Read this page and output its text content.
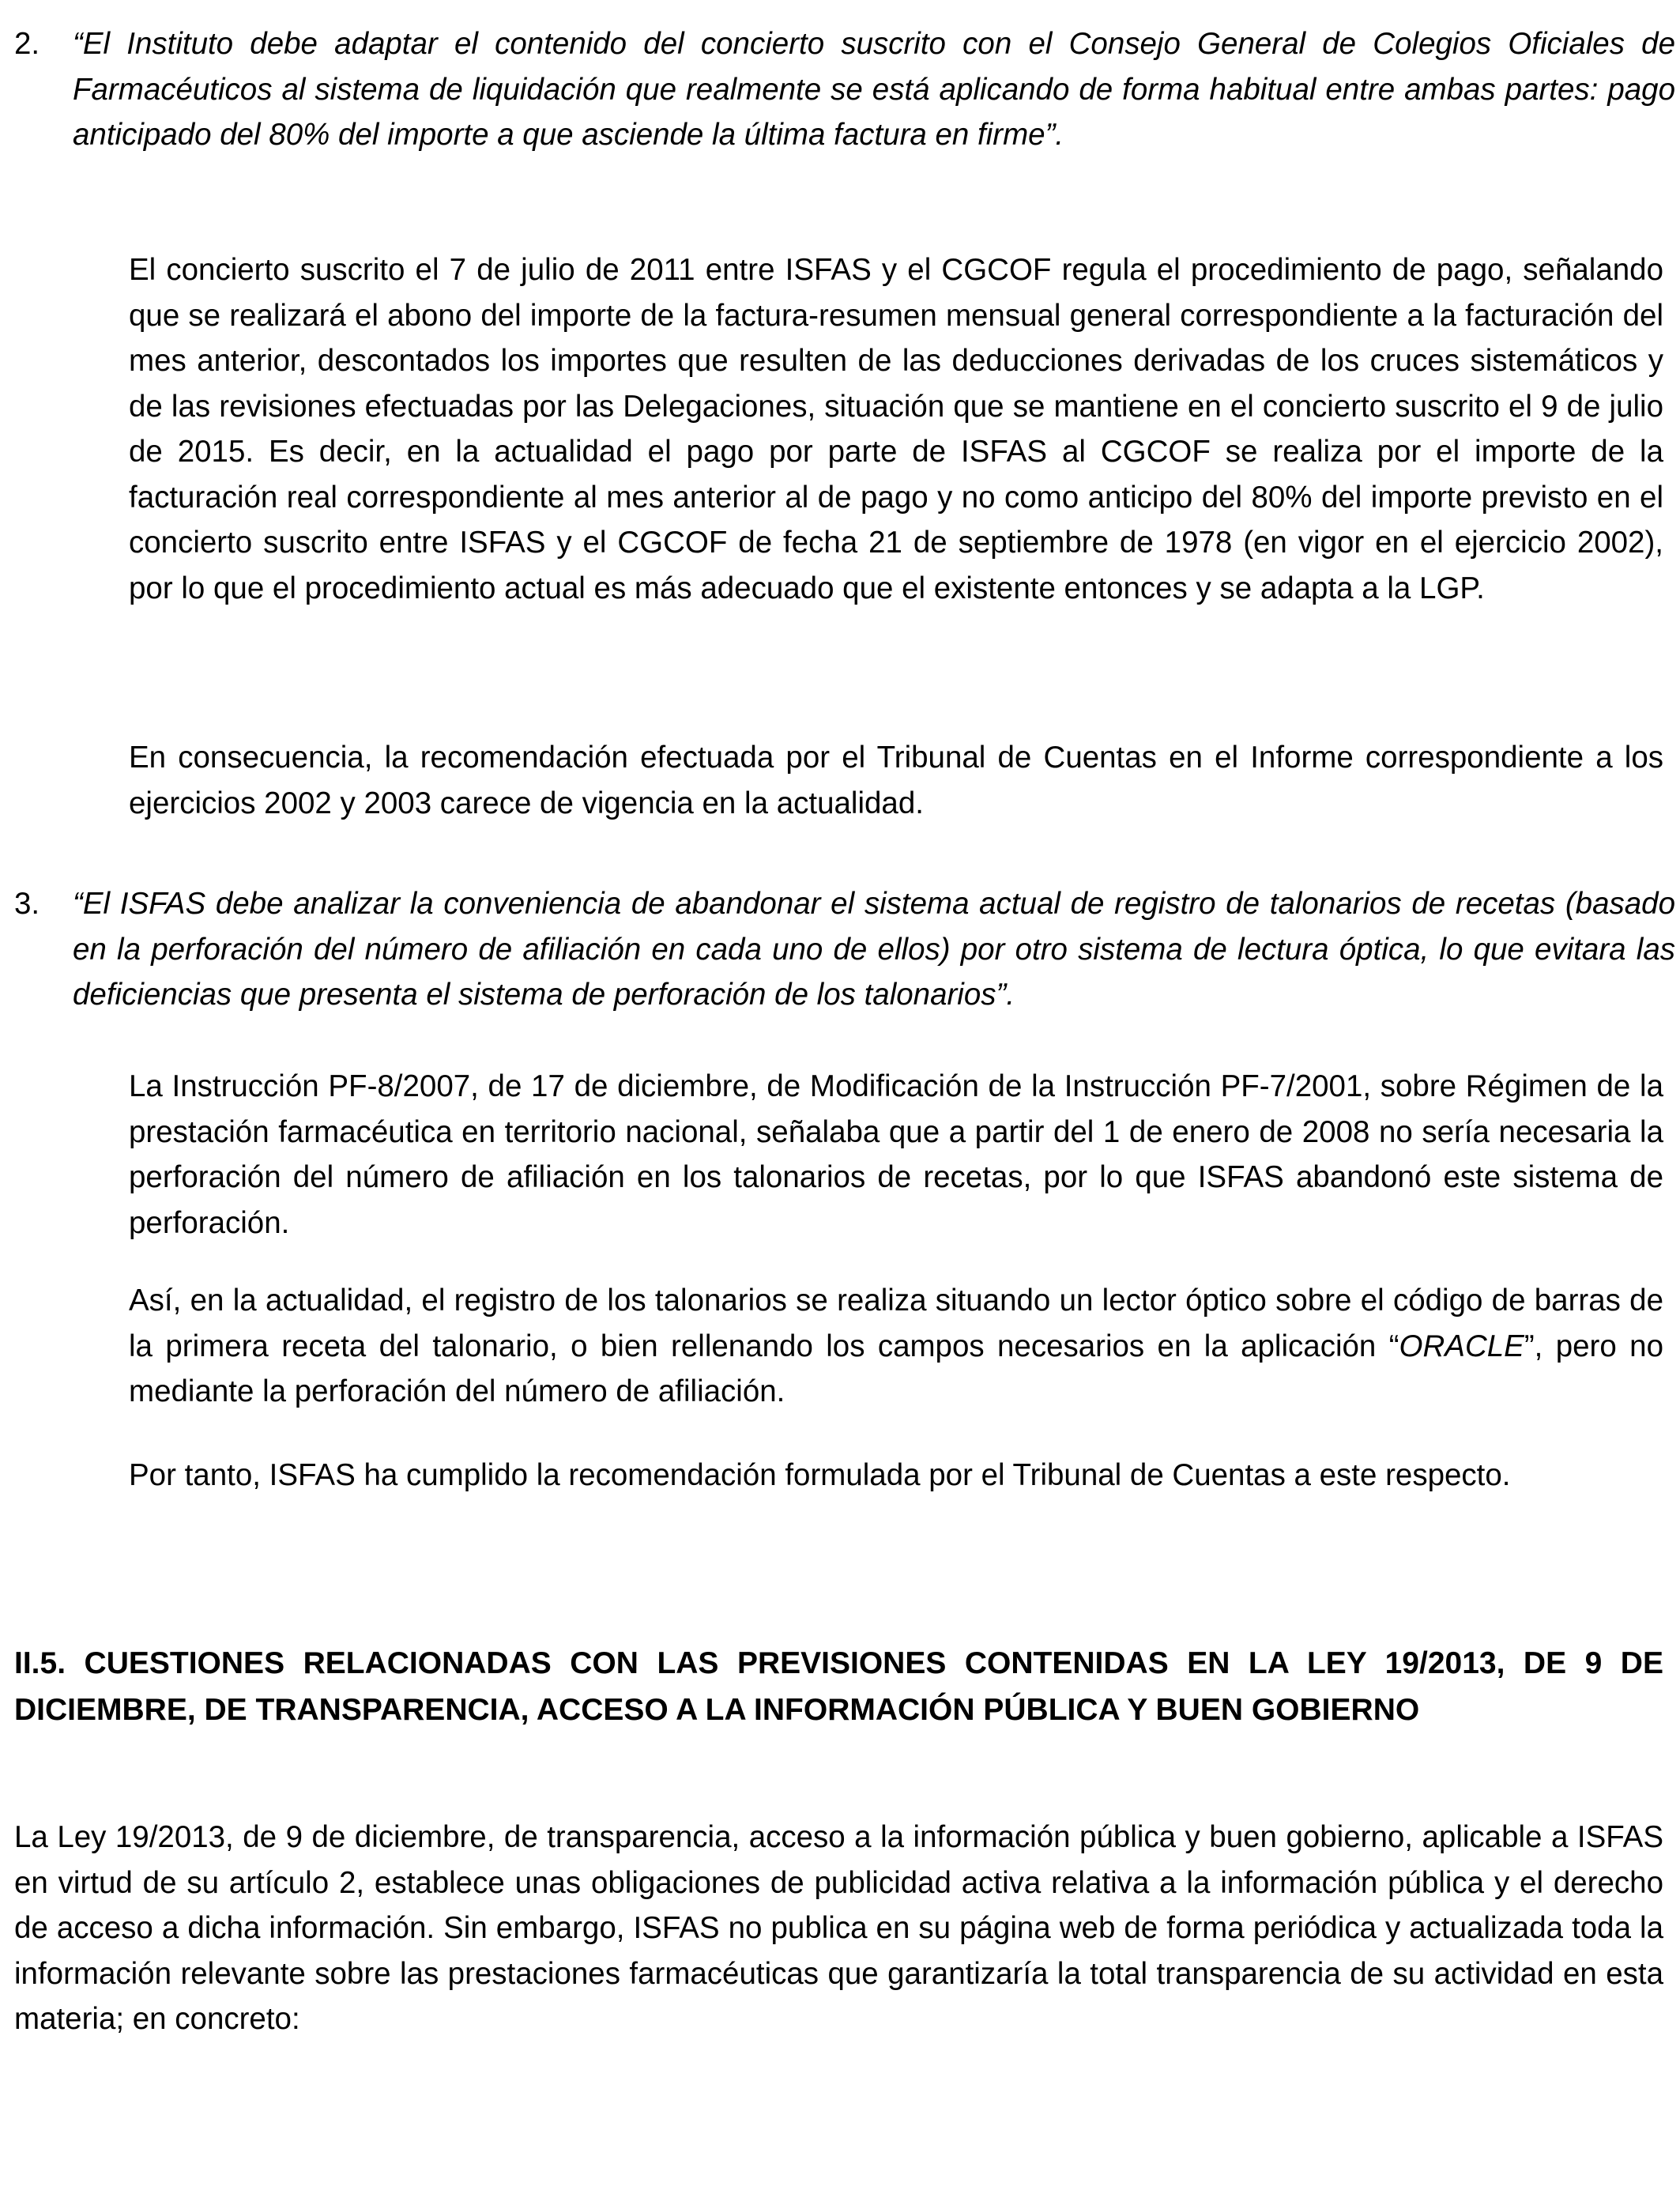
2. “El Instituto debe adaptar el contenido del concierto suscrito con el Consejo General de Colegios Oficiales de Farmacéuticos al sistema de liquidación que realmente se está aplicando de forma habitual entre ambas partes: pago anticipado del 80% del importe a que asciende la última factura en firme”.

El concierto suscrito el 7 de julio de 2011 entre ISFAS y el CGCOF regula el procedimiento de pago, señalando que se realizará el abono del importe de la factura-resumen mensual general correspondiente a la facturación del mes anterior, descontados los importes que resulten de las deducciones derivadas de los cruces sistemáticos y de las revisiones efectuadas por las Delegaciones, situación que se mantiene en el concierto suscrito el 9 de julio de 2015. Es decir, en la actualidad el pago por parte de ISFAS al CGCOF se realiza por el importe de la facturación real correspondiente al mes anterior al de pago y no como anticipo del 80% del importe previsto en el concierto suscrito entre ISFAS y el CGCOF de fecha 21 de septiembre de 1978 (en vigor en el ejercicio 2002), por lo que el procedimiento actual es más adecuado que el existente entonces y se adapta a la LGP.

En consecuencia, la recomendación efectuada por el Tribunal de Cuentas en el Informe correspondiente a los ejercicios 2002 y 2003 carece de vigencia en la actualidad.

3. “El ISFAS debe analizar la conveniencia de abandonar el sistema actual de registro de talonarios de recetas (basado en la perforación del número de afiliación en cada uno de ellos) por otro sistema de lectura óptica, lo que evitara las deficiencias que presenta el sistema de perforación de los talonarios”.

La Instrucción PF-8/2007, de 17 de diciembre, de Modificación de la Instrucción PF-7/2001, sobre Régimen de la prestación farmacéutica en territorio nacional, señalaba que a partir del 1 de enero de 2008 no sería necesaria la perforación del número de afiliación en los talonarios de recetas, por lo que ISFAS abandonó este sistema de perforación.

Así, en la actualidad, el registro de los talonarios se realiza situando un lector óptico sobre el código de barras de la primera receta del talonario, o bien rellenando los campos necesarios en la aplicación “ORACLE”, pero no mediante la perforación del número de afiliación.

Por tanto, ISFAS ha cumplido la recomendación formulada por el Tribunal de Cuentas a este respecto.

II.5. CUESTIONES RELACIONADAS CON LAS PREVISIONES CONTENIDAS EN LA LEY 19/2013, DE 9 DE DICIEMBRE, DE TRANSPARENCIA, ACCESO A LA INFORMACIÓN PÚBLICA Y BUEN GOBIERNO

La Ley 19/2013, de 9 de diciembre, de transparencia, acceso a la información pública y buen gobierno, aplicable a ISFAS en virtud de su artículo 2, establece unas obligaciones de publicidad activa relativa a la información pública y el derecho de acceso a dicha información. Sin embargo, ISFAS no publica en su página web de forma periódica y actualizada toda la información relevante sobre las prestaciones farmacéuticas que garantizaría la total transparencia de su actividad en esta materia; en concreto:
